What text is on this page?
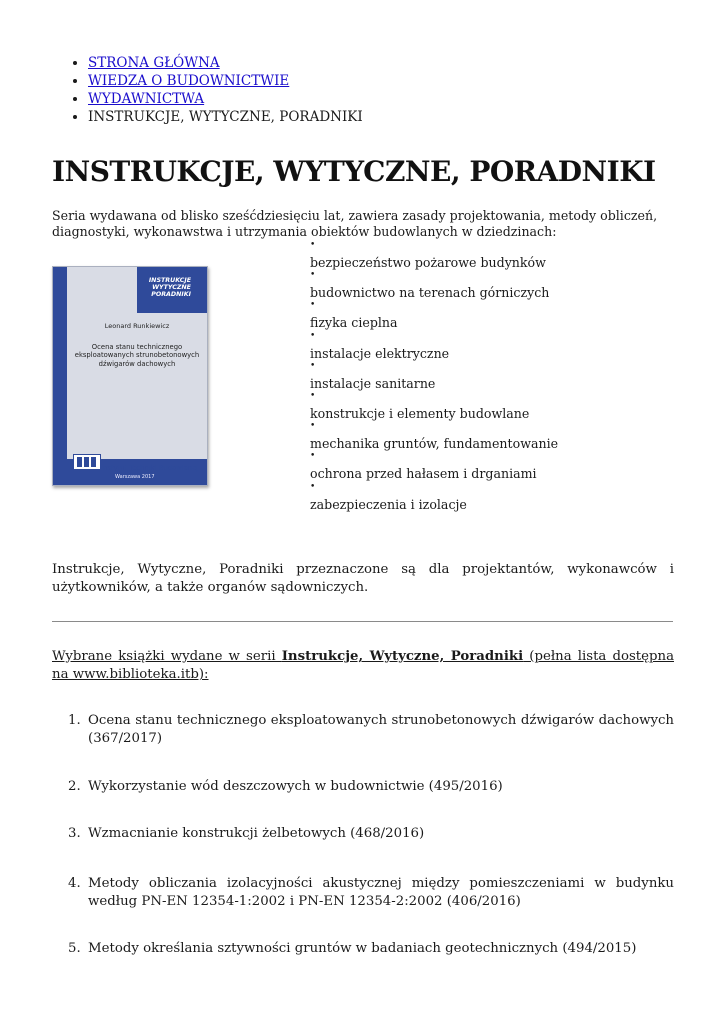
• STRONA GŁÓWNA
• WIEDZA O BUDOWNICTWIE
• WYDAWNICTWA
• INSTRUKCJE, WYTYCZNE, PORADNIKI
INSTRUKCJE, WYTYCZNE, PORADNIKI

Seria wydawana od blisko sześćdziesięciu lat, zawiera zasady projektowania, metody obliczeń, diagnostyki, wykonawstwa i utrzymania obiektów budowlanych w dziedzinach:

INSTRUKCJE
WYTYCZNE
PORADNIKI
Leonard Runkiewicz
Ocena stanu technicznego
eksploatowanych strunobetonowych
dźwigarów dachowych
Instytut Techniki Budowlanej
Warszawa 2017
•
bezpieczeństwo pożarowe budynków
•
budownictwo na terenach górniczych
•
fizyka cieplna
•
instalacje elektryczne
•
instalacje sanitarne
•
konstrukcje i elementy budowlane
•
mechanika gruntów, fundamentowanie
•
ochrona przed hałasem i drganiami
•
zabezpieczenia i izolacje

Instrukcje, Wytyczne, Poradniki przeznaczone są dla projektantów, wykonawców i użytkowników, a także organów sądowniczych.

Wybrane książki wydane w serii Instrukcje, Wytyczne, Poradniki (pełna lista dostępna na www.biblioteka.itb):

1. Ocena stanu technicznego eksploatowanych strunobetonowych dźwigarów dachowych (367/2017)
2. Wykorzystanie wód deszczowych w budownictwie (495/2016)
3. Wzmacnianie konstrukcji żelbetowych (468/2016)
4. Metody obliczania izolacyjności akustycznej między pomieszczeniami w budynku według PN-EN 12354-1:2002 i PN-EN 12354-2:2002 (406/2016)
5. Metody określania sztywności gruntów w badaniach geotechnicznych (494/2015)
